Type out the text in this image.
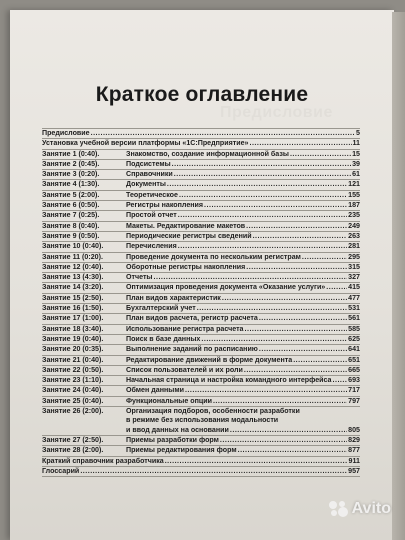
Предисловие
Краткое оглавление
Предисловие .....	5
Установка учебной версии платформы «1С:Предприятие» .....	11
Занятие 1 (0:40).	Знакомство, создание информационной базы .....	15
Занятие 2 (0:45).	Подсистемы .....	39
Занятие 3 (0:20).	Справочники .....	61
Занятие 4 (1:30).	Документы .....	121
Занятие 5 (2:00).	Теоретическое .....	155
Занятие 6 (0:50).	Регистры накопления .....	187
Занятие 7 (0:25).	Простой отчет .....	235
Занятие 8 (0:40).	Макеты. Редактирование макетов .....	249
Занятие 9 (0:50).	Периодические регистры сведений .....	263
Занятие 10 (0:40).	Перечисления .....	281
Занятие 11 (0:20).	Проведение документа по нескольким регистрам .....	295
Занятие 12 (0:40).	Оборотные регистры накопления .....	315
Занятие 13 (4:30).	Отчеты .....	327
Занятие 14 (3:20).	Оптимизация проведения документа «Оказание услуги» .....	415
Занятие 15 (2:50).	План видов характеристик .....	477
Занятие 16 (1:50).	Бухгалтерский учет .....	531
Занятие 17 (1:00).	План видов расчета, регистр расчета .....	561
Занятие 18 (3:40).	Использование регистра расчета .....	585
Занятие 19 (0:40).	Поиск в базе данных .....	625
Занятие 20 (0:35).	Выполнение заданий по расписанию .....	641
Занятие 21 (0:40).	Редактирование движений в форме документа .....	651
Занятие 22 (0:50).	Список пользователей и их роли .....	665
Занятие 23 (1:10).	Начальная страница и настройка командного интерфейса ..... 693
Занятие 24 (0:40).	Обмен данными .....	717
Занятие 25 (0:40).	Функциональные опции .....	797
Занятие 26 (2:00).	Организация подборов, особенности разработки
в режиме без использования модальности
и ввод данных на основании .....	805
Занятие 27 (2:50).	Приемы разработки форм .....	829
Занятие 28 (2:00).	Приемы редактирования форм .....	877
Краткий справочник разработчика .....	911
Глоссарий .....	957
Avito
